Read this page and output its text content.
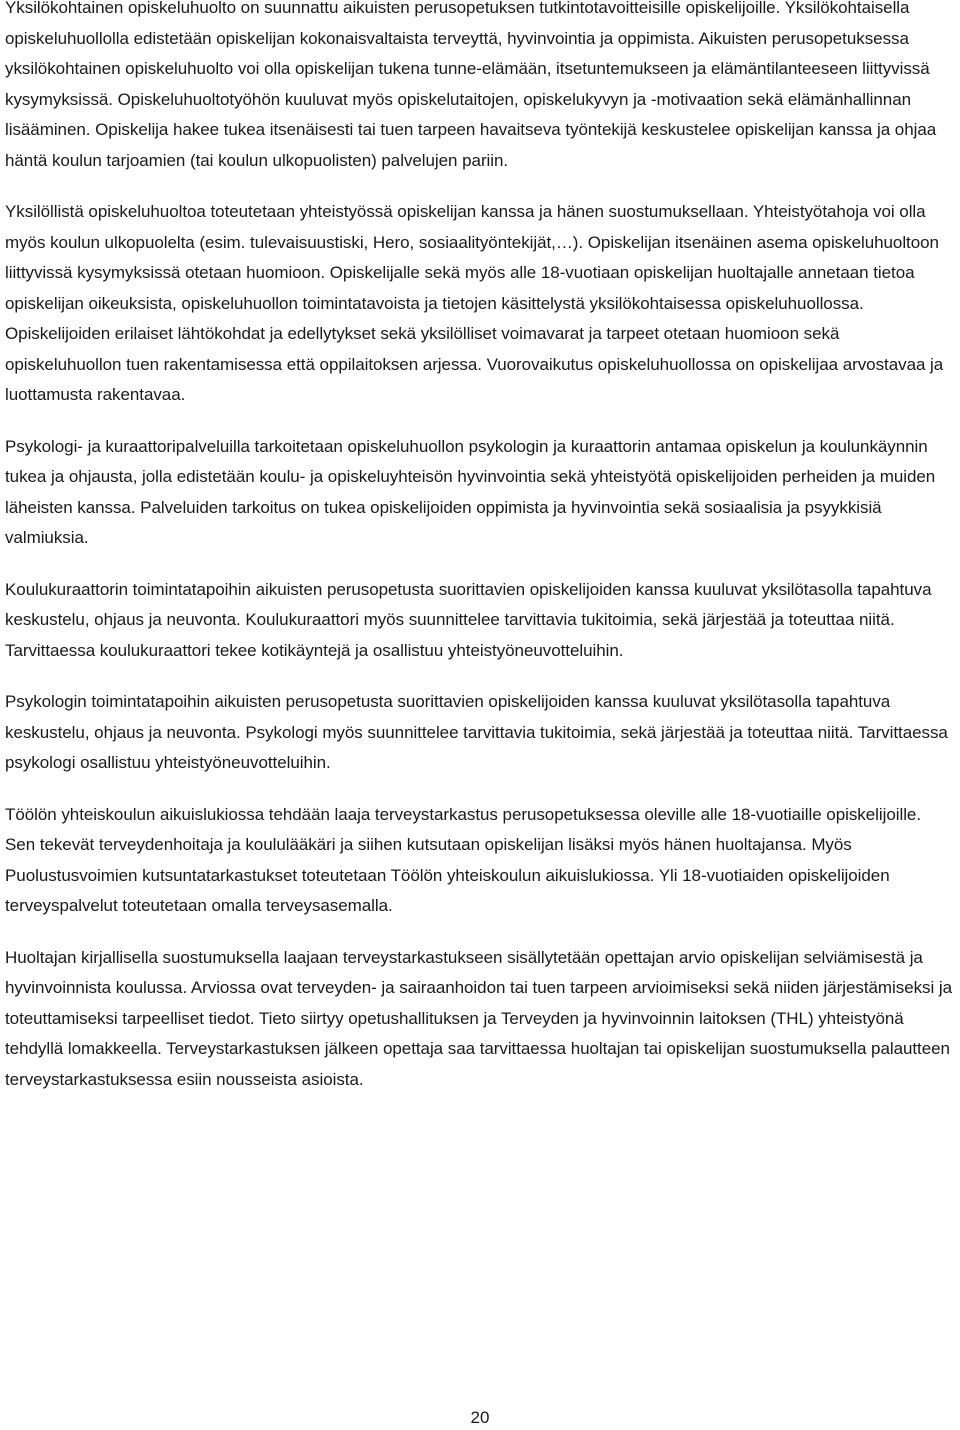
Yksilökohtainen opiskeluhuolto on suunnattu aikuisten perusopetuksen tutkintotavoitteisille opiskelijoille. Yksilökohtaisella opiskeluhuollolla edistetään opiskelijan kokonaisvaltaista terveyttä, hyvinvointia ja oppimista. Aikuisten perusopetuksessa yksilökohtainen opiskeluhuolto voi olla opiskelijan tukena tunne-elämään, itsetuntemukseen ja elämäntilanteeseen liittyvissä kysymyksissä. Opiskeluhuoltotyöhön kuuluvat myös opiskelutaitojen, opiskelukyvyn ja -motivaation sekä elämänhallinnan lisääminen. Opiskelija hakee tukea itsenäisesti tai tuen tarpeen havaitseva työntekijä keskustelee opiskelijan kanssa ja ohjaa häntä koulun tarjoamien (tai koulun ulkopuolisten) palvelujen pariin.

Yksilöllistä opiskeluhuoltoa toteutetaan yhteistyössä opiskelijan kanssa ja hänen suostumuksellaan. Yhteistyötahoja voi olla myös koulun ulkopuolelta (esim. tulevaisuustiski, Hero, sosiaalityöntekijät,…). Opiskelijan itsenäinen asema opiskeluhuoltoon liittyvissä kysymyksissä otetaan huomioon. Opiskelijalle sekä myös alle 18-vuotiaan opiskelijan huoltajalle annetaan tietoa opiskelijan oikeuksista, opiskeluhuollon toimintatavoista ja tietojen käsittelystä yksilökohtaisessa opiskeluhuollossa. Opiskelijoiden erilaiset lähtökohdat ja edellytykset sekä yksilölliset voimavarat ja tarpeet otetaan huomioon sekä opiskeluhuollon tuen rakentamisessa että oppilaitoksen arjessa. Vuorovaikutus opiskeluhuollossa on opiskelijaa arvostavaa ja luottamusta rakentavaa.

Psykologi- ja kuraattoripalveluilla tarkoitetaan opiskeluhuollon psykologin ja kuraattorin antamaa opiskelun ja koulunkäynnin tukea ja ohjausta, jolla edistetään koulu- ja opiskeluyhteisön hyvinvointia sekä yhteistyötä opiskelijoiden perheiden ja muiden läheisten kanssa. Palveluiden tarkoitus on tukea opiskelijoiden oppimista ja hyvinvointia sekä sosiaalisia ja psyykkisiä valmiuksia.

Koulukuraattorin toimintatapoihin aikuisten perusopetusta suorittavien opiskelijoiden kanssa kuuluvat yksilötasolla tapahtuva keskustelu, ohjaus ja neuvonta. Koulukuraattori myös suunnittelee tarvittavia tukitoimia, sekä järjestää ja toteuttaa niitä. Tarvittaessa koulukuraattori tekee kotikäyntejä ja osallistuu yhteistyöneuvotteluihin.

Psykologin toimintatapoihin aikuisten perusopetusta suorittavien opiskelijoiden kanssa kuuluvat yksilötasolla tapahtuva keskustelu, ohjaus ja neuvonta. Psykologi myös suunnittelee tarvittavia tukitoimia, sekä järjestää ja toteuttaa niitä. Tarvittaessa psykologi osallistuu yhteistyöneuvotteluihin.

Töölön yhteiskoulun aikuislukiossa tehdään laaja terveystarkastus perusopetuksessa oleville alle 18-vuotiaille opiskelijoille. Sen tekevät terveydenhoitaja ja koululääkäri ja siihen kutsutaan opiskelijan lisäksi myös hänen huoltajansa. Myös Puolustusvoimien kutsuntatarkastukset toteutetaan Töölön yhteiskoulun aikuislukiossa. Yli 18-vuotiaiden opiskelijoiden terveyspalvelut toteutetaan omalla terveysasemalla.

Huoltajan kirjallisella suostumuksella laajaan terveystarkastukseen sisällytetään opettajan arvio opiskelijan selviämisestä ja hyvinvoinnista koulussa. Arviossa ovat terveyden- ja sairaanhoidon tai tuen tarpeen arvioimiseksi sekä niiden järjestämiseksi ja toteuttamiseksi tarpeelliset tiedot. Tieto siirtyy opetushallituksen ja Terveyden ja hyvinvoinnin laitoksen (THL) yhteistyönä tehdyllä lomakkeella. Terveystarkastuksen jälkeen opettaja saa tarvittaessa huoltajan tai opiskelijan suostumuksella palautteen terveystarkastuksessa esiin nousseista asioista.

20
